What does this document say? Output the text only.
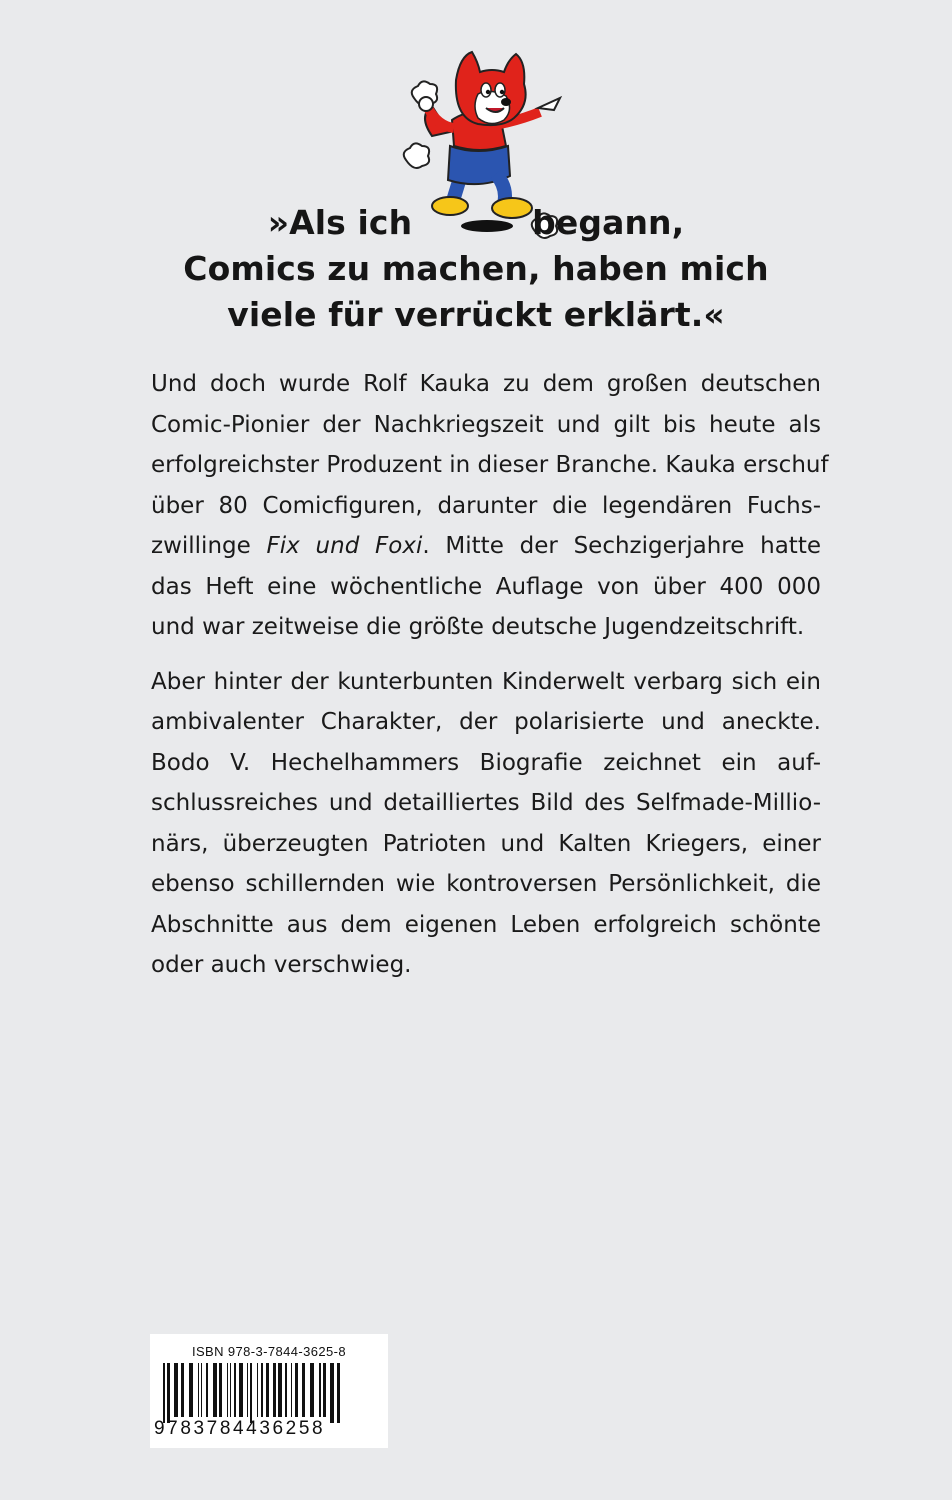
»Als ich	begann,
Comics zu machen, haben mich
viele für verrückt erklärt.«
Und doch wurde Rolf Kauka zu dem großen deutschen
Comic-Pionier der Nachkriegszeit und gilt bis heute als
erfolgreichster Produzent in dieser Branche. Kauka erschuf
über 80 Comicfiguren, darunter die legendären Fuchs-
zwillinge Fix und Foxi. Mitte der Sechzigerjahre hatte
das Heft eine wöchentliche Auflage von über 400 000
und war zeitweise die größte deutsche Jugendzeitschrift.
Aber hinter der kunterbunten Kinderwelt verbarg sich ein
ambivalenter Charakter, der polarisierte und aneckte.
Bodo V. Hechelhammers Biografie zeichnet ein auf-
schlussreiches und detailliertes Bild des Selfmade-Millio-
närs, überzeugten Patrioten und Kalten Kriegers, einer
ebenso schillernden wie kontroversen Persönlichkeit, die
Abschnitte aus dem eigenen Leben erfolgreich schönte
oder auch verschwieg.
ISBN 978-3-7844-3625-8
9783784436258
